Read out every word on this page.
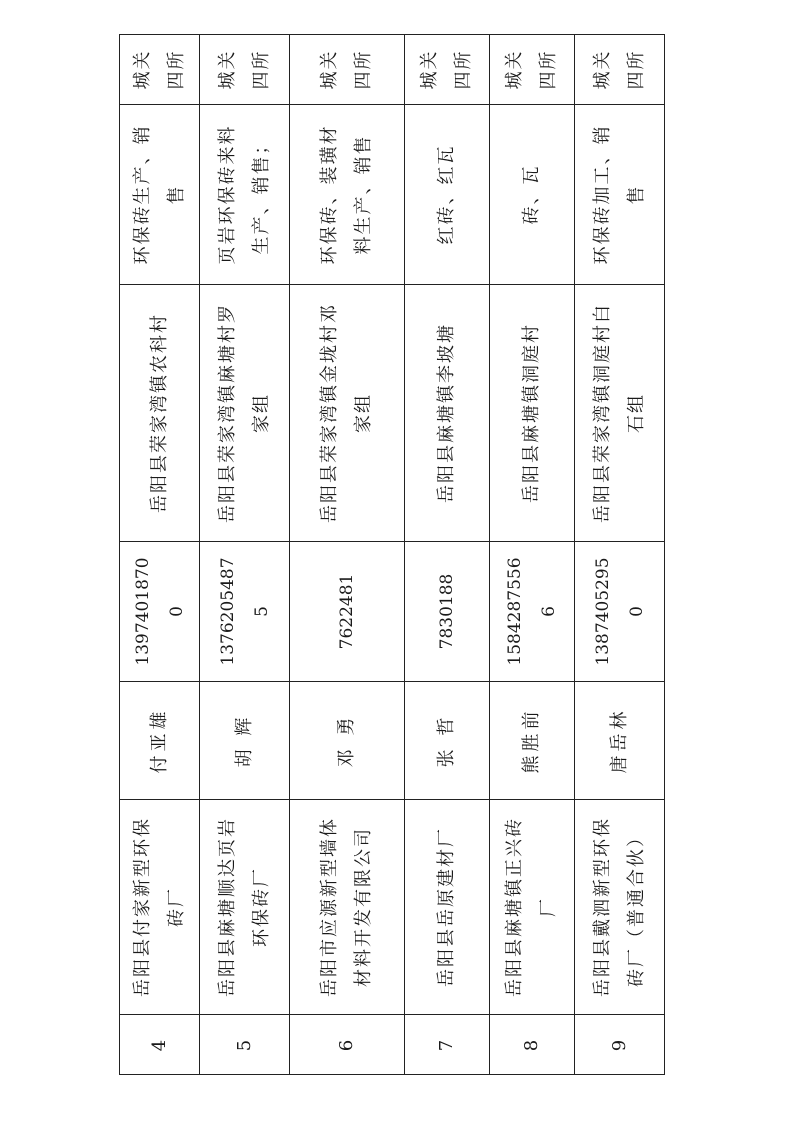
4	岳阳县付家新型环保砖厂	付亚雄	13974018700	岳阳县荣家湾镇农科村	环保砖生产、销售	城关四所
5	岳阳县麻塘顺达页岩环保砖厂	胡 辉	13762054875	岳阳县荣家湾镇麻塘村罗家组	页岩环保砖来料生产、销售；	城关四所
6	岳阳市应源新型墙体材料开发有限公司	邓 勇	7622481	岳阳县荣家湾镇金垅村邓家组	环保砖、装璜材料生产、销售	城关四所
7	岳阳县岳原建材厂	张 哲	7830188	岳阳县麻塘镇李坡塘	红砖、红瓦	城关四所
8	岳阳县麻塘镇正兴砖厂	熊胜前	15842875566	岳阳县麻塘镇洞庭村	砖、瓦	城关四所
9	岳阳县戴泗新型环保砖厂（普通合伙）	唐岳林	13874052950	岳阳县荣家湾镇洞庭村白石组	环保砖加工、销售	城关四所
